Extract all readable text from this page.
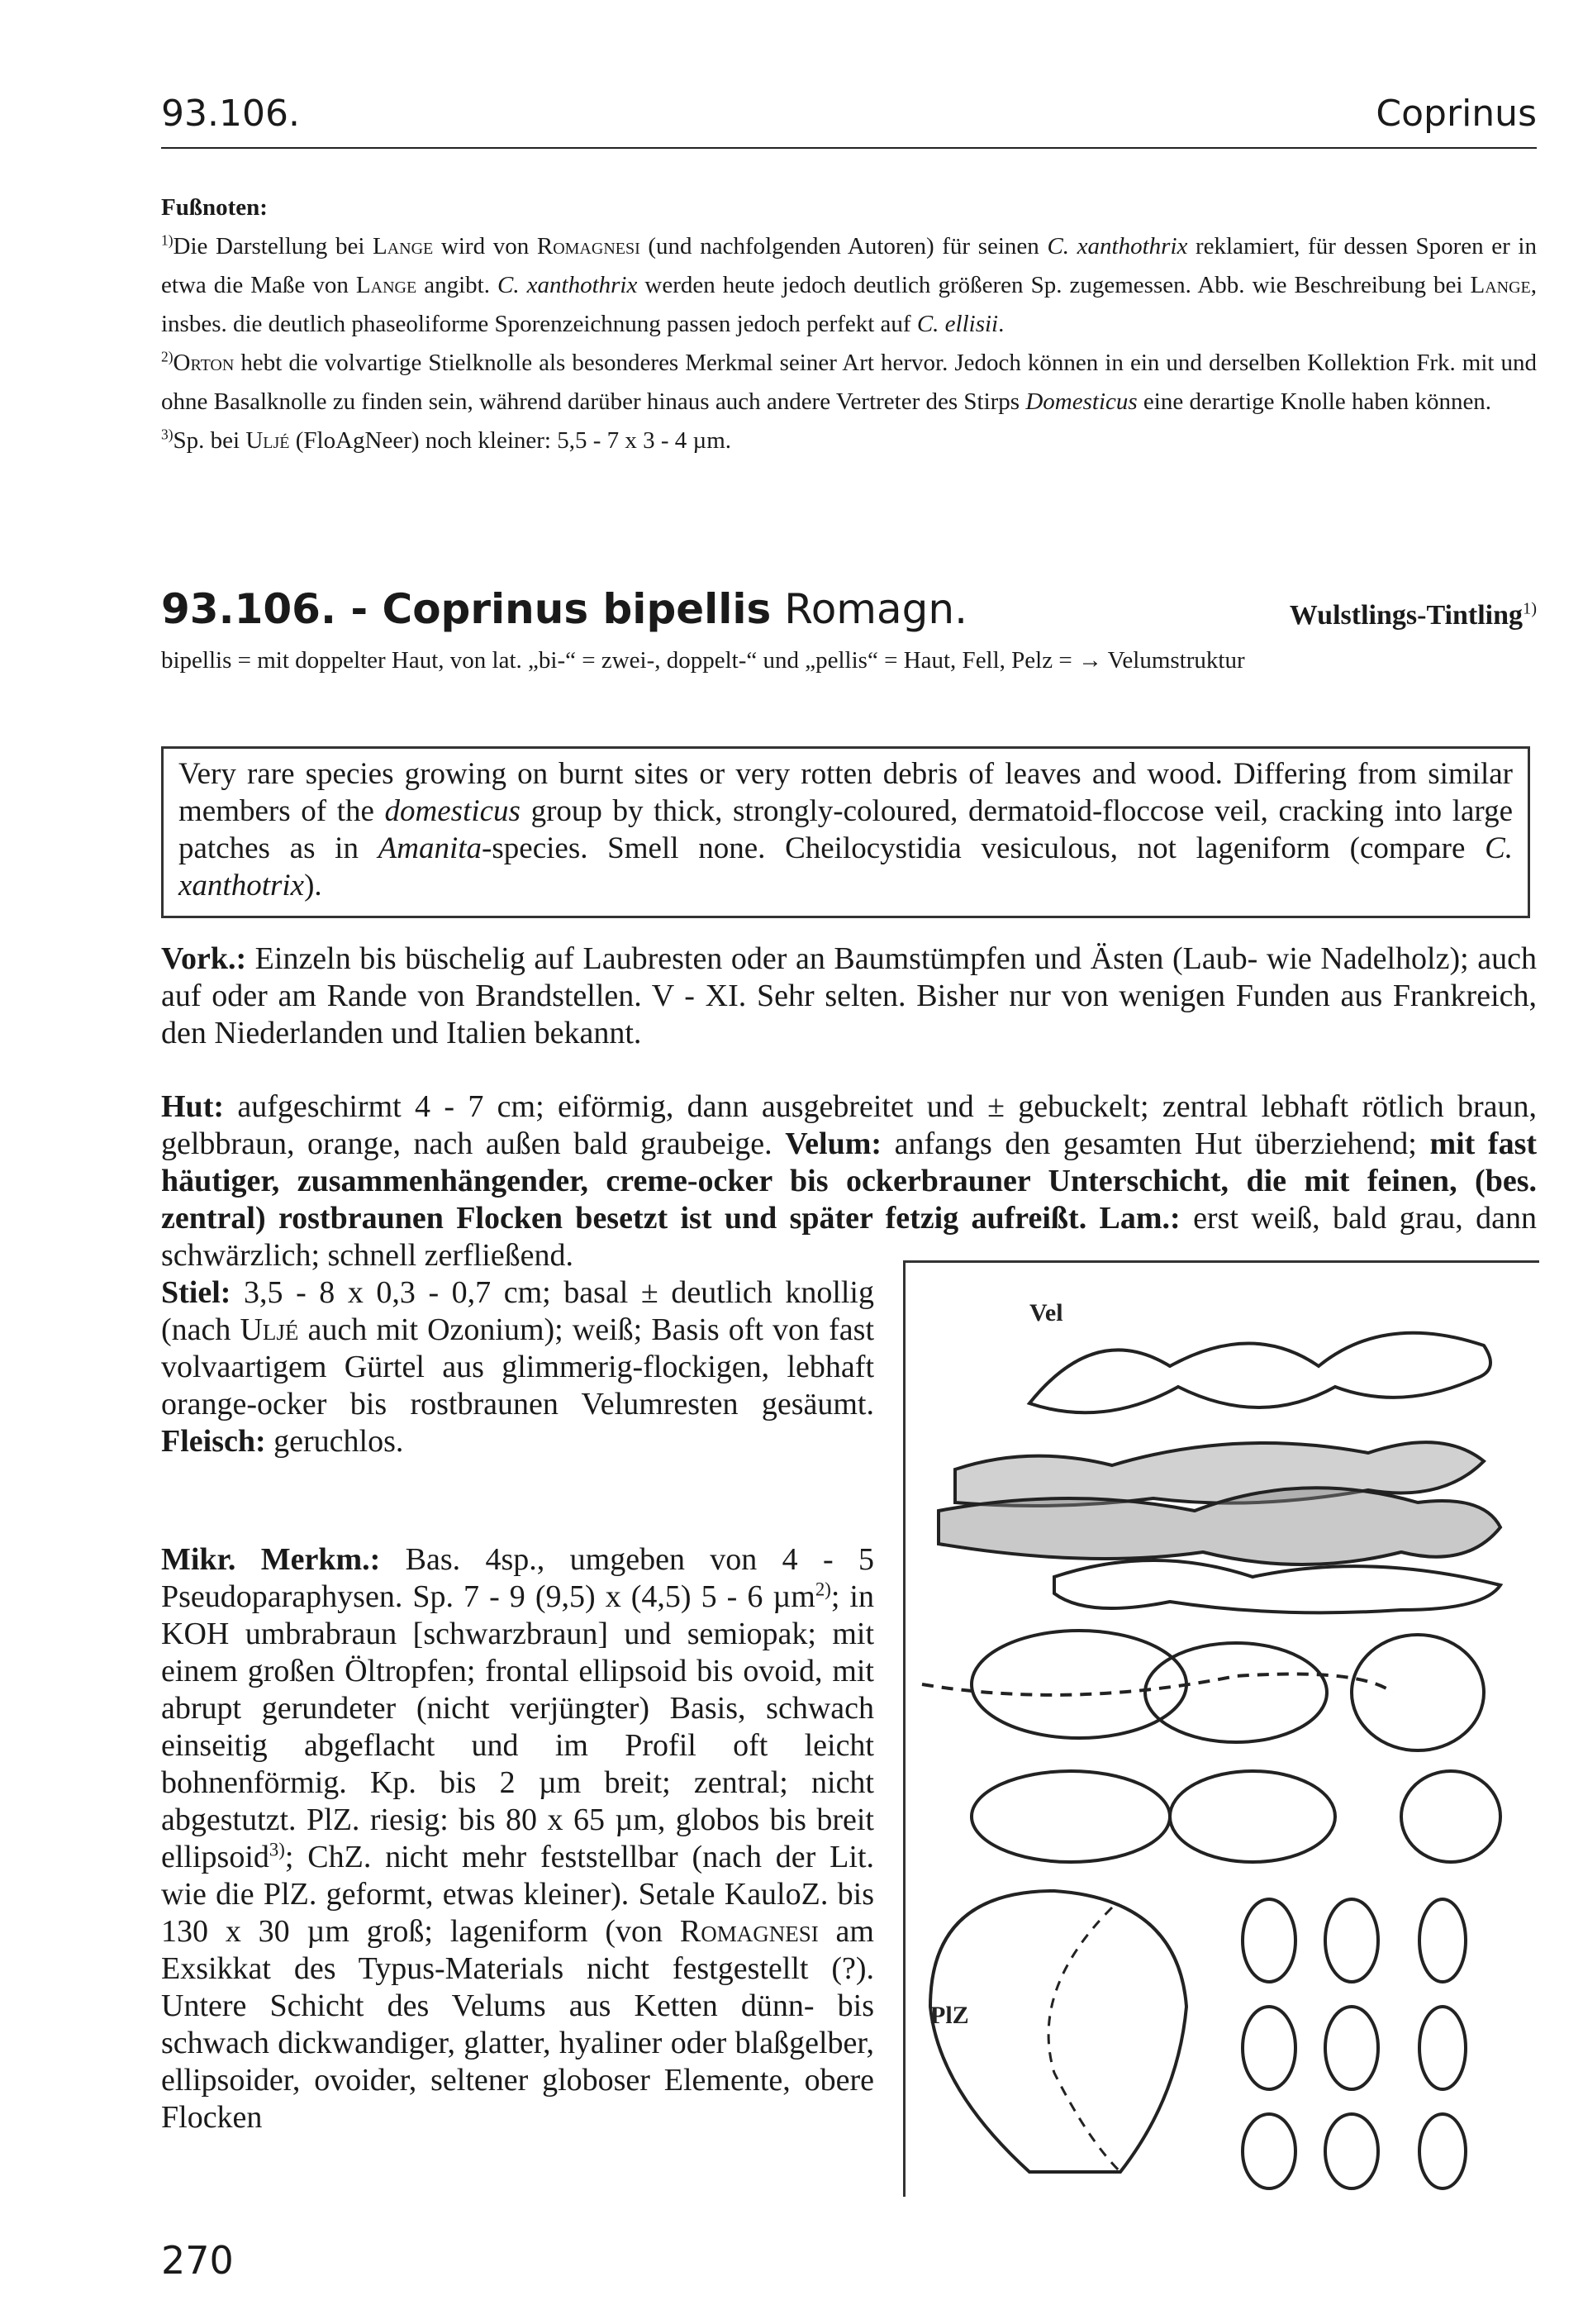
93.106.	Coprinus

Fußnoten:

$^{1)}$Die Darstellung bei Lange wird von Romagnesi (und nachfolgenden Autoren) für seinen C. xanthothrix reklamiert, für dessen Sporen er in etwa die Maße von Lange angibt. C. xanthothrix werden heute jedoch deutlich größeren Sp. zugemessen. Abb. wie Beschreibung bei Lange, insbes. die deutlich phaseoliforme Sporenzeichnung passen jedoch perfekt auf C. ellisii.

$^{2)}$Orton hebt die volvartige Stielknolle als besonderes Merkmal seiner Art hervor. Jedoch können in ein und derselben Kollektion Frk. mit und ohne Basalknolle zu finden sein, während darüber hinaus auch andere Vertreter des Stirps Domesticus eine derartige Knolle haben können.

$^{3)}$Sp. bei Uljé (FloAgNeer) noch kleiner: 5,5 - 7 x 3 - 4 µm.

93.106. - Coprinus bipellis Romagn.	Wulstlings-Tintling$^{1)}$
bipellis = mit doppelter Haut, von lat. „bi-“ = zwei-, doppelt-“ und „pellis“ = Haut, Fell, Pelz = → Velumstruktur
Very rare species growing on burnt sites or very rotten debris of leaves and wood. Differing from similar members of the domesticus group by thick, strongly-coloured, dermatoid-floccose veil, cracking into large patches as in Amanita-species. Smell none. Cheilocystidia vesiculous, not lageniform (compare C. xanthotrix).
Vork.: Einzeln bis büschelig auf Laubresten oder an Baumstümpfen und Ästen (Laub- wie Nadelholz); auch auf oder am Rande von Brandstellen. V - XI. Sehr selten. Bisher nur von wenigen Funden aus Frankreich, den Niederlanden und Italien bekannt.
Hut: aufgeschirmt 4 - 7 cm; eiförmig, dann ausgebreitet und ± gebuckelt; zentral lebhaft rötlich braun, gelbbraun, orange, nach außen bald graubeige. Velum: anfangs den gesamten Hut überziehend; mit fast häutiger, zusammenhängender, creme-ocker bis ockerbrauner Unterschicht, die mit feinen, (bes. zentral) rostbraunen Flocken besetzt ist und später fetzig aufreißt. Lam.: erst weiß, bald grau, dann schwärzlich; schnell zerfließend.
Stiel: 3,5 - 8 x 0,3 - 0,7 cm; basal ± deutlich knollig (nach Uljé auch mit Ozonium); weiß; Basis oft von fast volvaartigem Gürtel aus glimmerig-flockigen, lebhaft orange-ocker bis rostbraunen Velumresten gesäumt. Fleisch: geruchlos.
Mikr. Merkm.: Bas. 4sp., umgeben von 4 - 5 Pseudoparaphysen. Sp. 7 - 9 (9,5) x (4,5) 5 - 6 µm$^{2)}$; in KOH umbrabraun [schwarzbraun] und semiopak; mit einem großen Öltropfen; frontal ellipsoid bis ovoid, mit abrupt gerundeter (nicht verjüngter) Basis, schwach einseitig abgeflacht und im Profil oft leicht bohnenförmig. Kp. bis 2 µm breit; zentral; nicht abgestutzt. PlZ. riesig: bis 80 x 65 µm, globos bis breit ellipsoid$^{3)}$; ChZ. nicht mehr feststellbar (nach der Lit. wie die PlZ. geformt, etwas kleiner). Setale KauloZ. bis 130 x 30 µm groß; lageniform (von Romagnesi am Exsikkat des Typus-Materials nicht festgestellt (?). Untere Schicht des Velums aus Ketten dünn- bis schwach dickwandiger, glatter, hyaliner oder blaßgelber, ellipsoider, ovoider, seltener globoser Elemente, obere Flocken
Vel
PlZ
270
